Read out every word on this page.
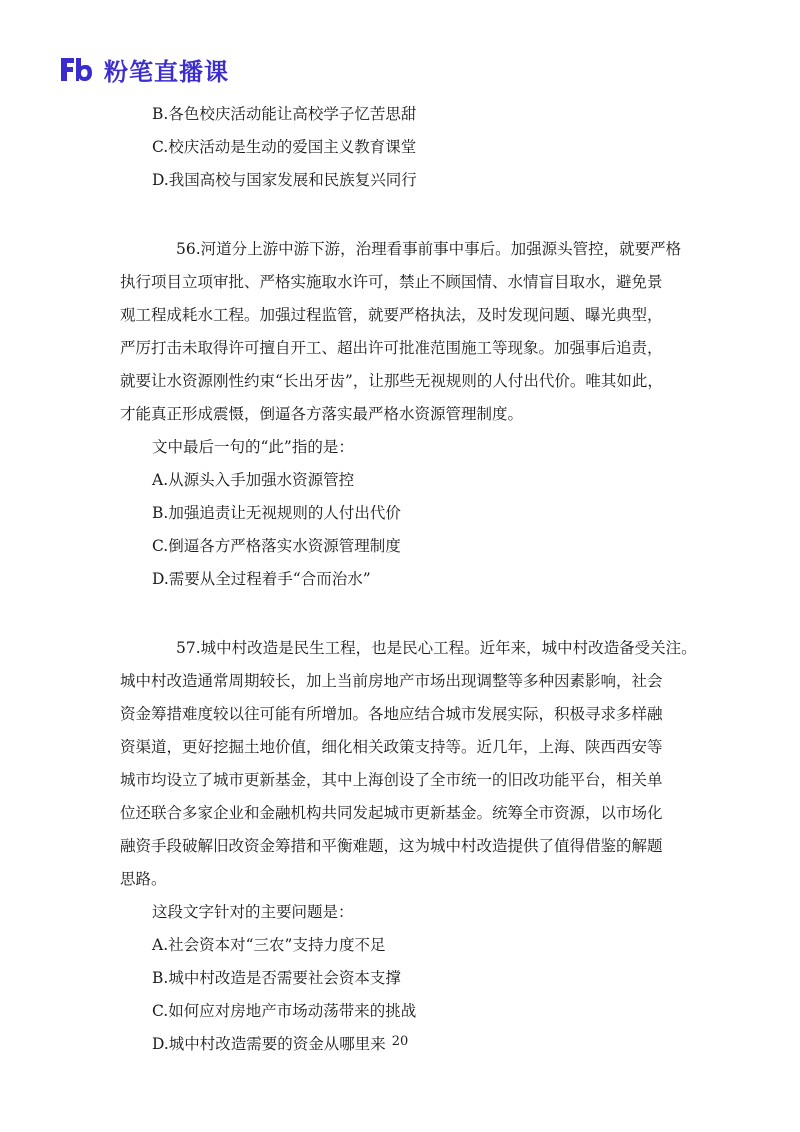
粉笔直播课
B.各色校庆活动能让高校学子忆苦思甜
C.校庆活动是生动的爱国主义教育课堂
D.我国高校与国家发展和民族复兴同行
56.河道分上游中游下游，治理看事前事中事后。加强源头管控，就要严格
执行项目立项审批、严格实施取水许可，禁止不顾国情、水情盲目取水，避免景
观工程成耗水工程。加强过程监管，就要严格执法，及时发现问题、曝光典型，
严厉打击未取得许可擅自开工、超出许可批准范围施工等现象。加强事后追责，
就要让水资源刚性约束“长出牙齿”，让那些无视规则的人付出代价。唯其如此，
才能真正形成震慑，倒逼各方落实最严格水资源管理制度。
文中最后一句的“此”指的是：
A.从源头入手加强水资源管控
B.加强追责让无视规则的人付出代价
C.倒逼各方严格落实水资源管理制度
D.需要从全过程着手“合而治水”
57.城中村改造是民生工程，也是民心工程。近年来，城中村改造备受关注。
城中村改造通常周期较长，加上当前房地产市场出现调整等多种因素影响，社会
资金筹措难度较以往可能有所增加。各地应结合城市发展实际，积极寻求多样融
资渠道，更好挖掘土地价值，细化相关政策支持等。近几年，上海、陕西西安等
城市均设立了城市更新基金，其中上海创设了全市统一的旧改功能平台，相关单
位还联合多家企业和金融机构共同发起城市更新基金。统筹全市资源，以市场化
融资手段破解旧改资金筹措和平衡难题，这为城中村改造提供了值得借鉴的解题
思路。
这段文字针对的主要问题是：
A.社会资本对“三农”支持力度不足
B.城中村改造是否需要社会资本支撑
C.如何应对房地产市场动荡带来的挑战
D.城中村改造需要的资金从哪里来 20
